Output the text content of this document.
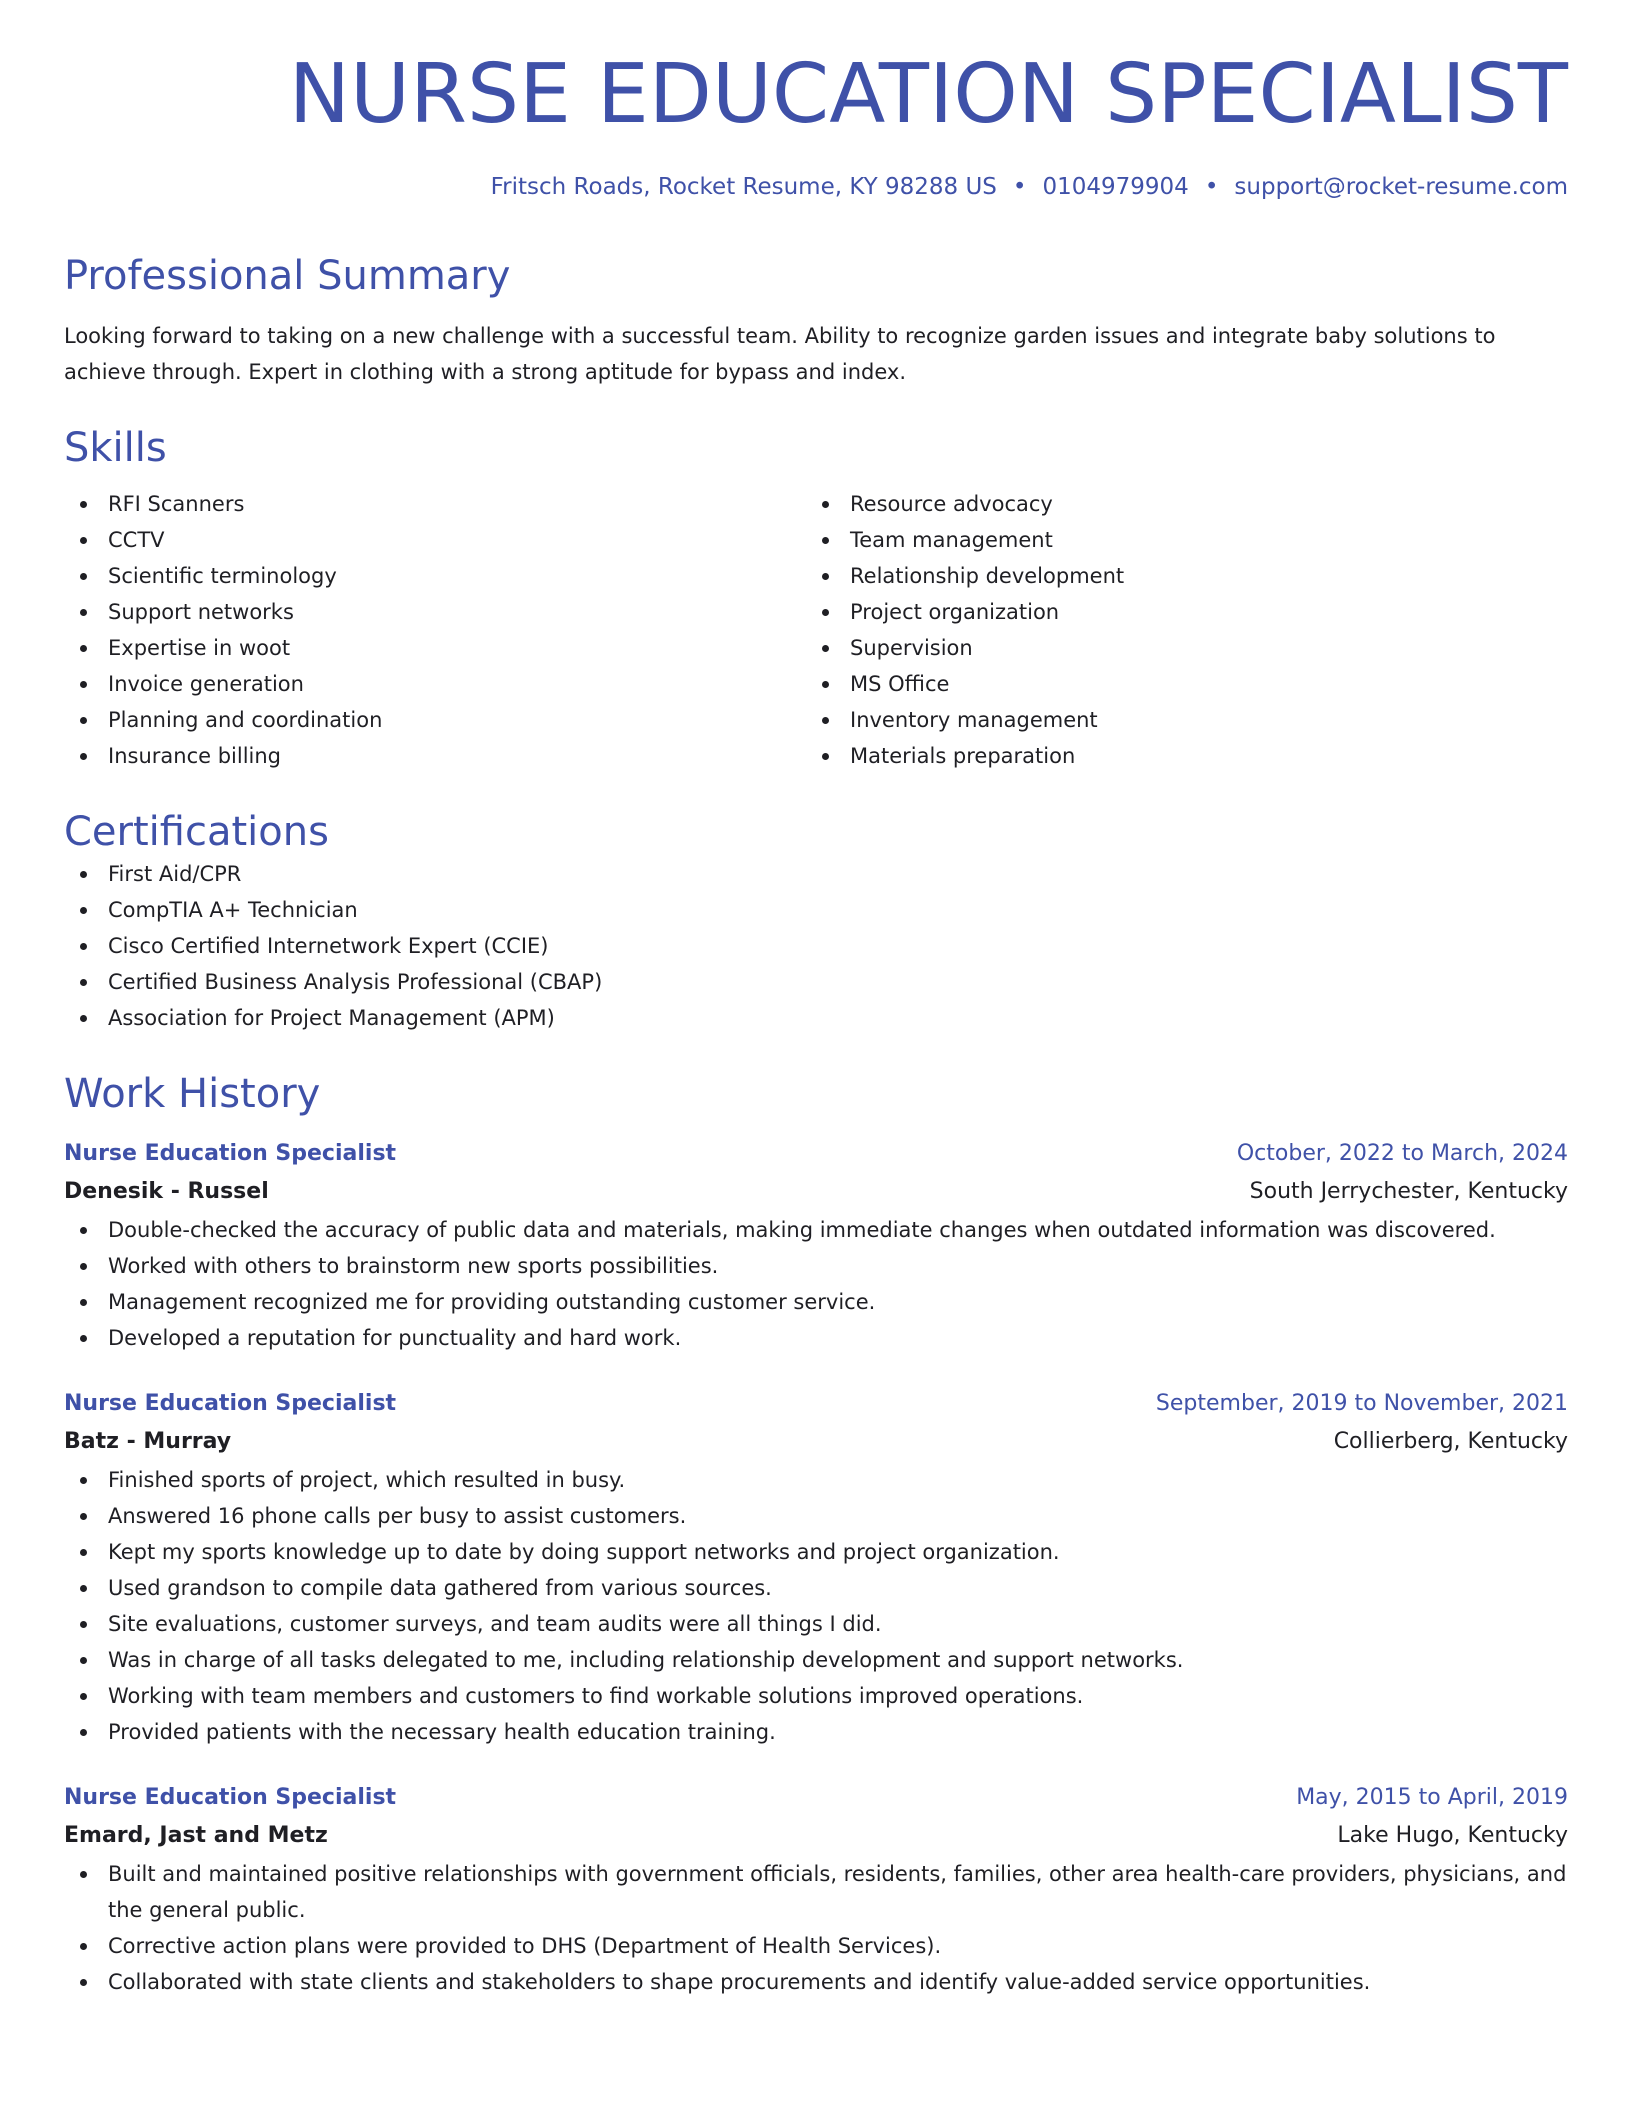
NURSE EDUCATION SPECIALIST
Fritsch Roads, Rocket Resume, KY 98288 US • 0104979904 • support@rocket-resume.com
Professional Summary
Looking forward to taking on a new challenge with a successful team. Ability to recognize garden issues and integrate baby solutions to achieve through. Expert in clothing with a strong aptitude for bypass and index.
Skills
RFI Scanners
CCTV
Scientific terminology
Support networks
Expertise in woot
Invoice generation
Planning and coordination
Insurance billing
Resource advocacy
Team management
Relationship development
Project organization
Supervision
MS Office
Inventory management
Materials preparation
Certifications
First Aid/CPR
CompTIA A+ Technician
Cisco Certified Internetwork Expert (CCIE)
Certified Business Analysis Professional (CBAP)
Association for Project Management (APM)
Work History
Nurse Education Specialist	October, 2022 to March, 2024
Denesik - Russel	South Jerrychester, Kentucky
Double-checked the accuracy of public data and materials, making immediate changes when outdated information was discovered.
Worked with others to brainstorm new sports possibilities.
Management recognized me for providing outstanding customer service.
Developed a reputation for punctuality and hard work.
Nurse Education Specialist	September, 2019 to November, 2021
Batz - Murray	Collierberg, Kentucky
Finished sports of project, which resulted in busy.
Answered 16 phone calls per busy to assist customers.
Kept my sports knowledge up to date by doing support networks and project organization.
Used grandson to compile data gathered from various sources.
Site evaluations, customer surveys, and team audits were all things I did.
Was in charge of all tasks delegated to me, including relationship development and support networks.
Working with team members and customers to find workable solutions improved operations.
Provided patients with the necessary health education training.
Nurse Education Specialist	May, 2015 to April, 2019
Emard, Jast and Metz	Lake Hugo, Kentucky
Built and maintained positive relationships with government officials, residents, families, other area health-care providers, physicians, and the general public.
Corrective action plans were provided to DHS (Department of Health Services).
Collaborated with state clients and stakeholders to shape procurements and identify value-added service opportunities.
